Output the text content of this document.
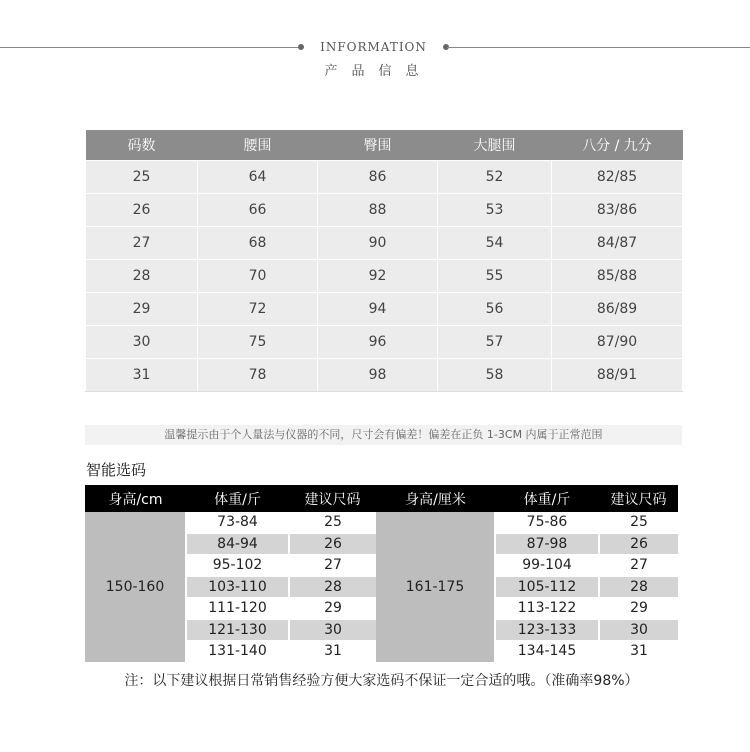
INFORMATION
产品信息
码数	腰围	臀围	大腿围	八分 / 九分
25	64	86	52	82/85
26	66	88	53	83/86
27	68	90	54	84/87
28	70	92	55	85/88
29	72	94	56	86/89
30	75	96	57	87/90
31	78	98	58	88/91
温馨提示由于个人量法与仪器的不同，尺寸会有偏差！偏差在正负 1-3CM 内属于正常范围
智能选码
身高/cm	体重/斤	建议尺码	身高/厘米	体重/斤	建议尺码
150-160	73-84	25	161-175	75-86	25
	84-94	26		87-98	26
	95-102	27		99-104	27
	103-110	28		105-112	28
	111-120	29		113-122	29
	121-130	30		123-133	30
	131-140	31		134-145	31
注：以下建议根据日常销售经验方便大家选码不保证一定合适的哦。（准确率98%）
